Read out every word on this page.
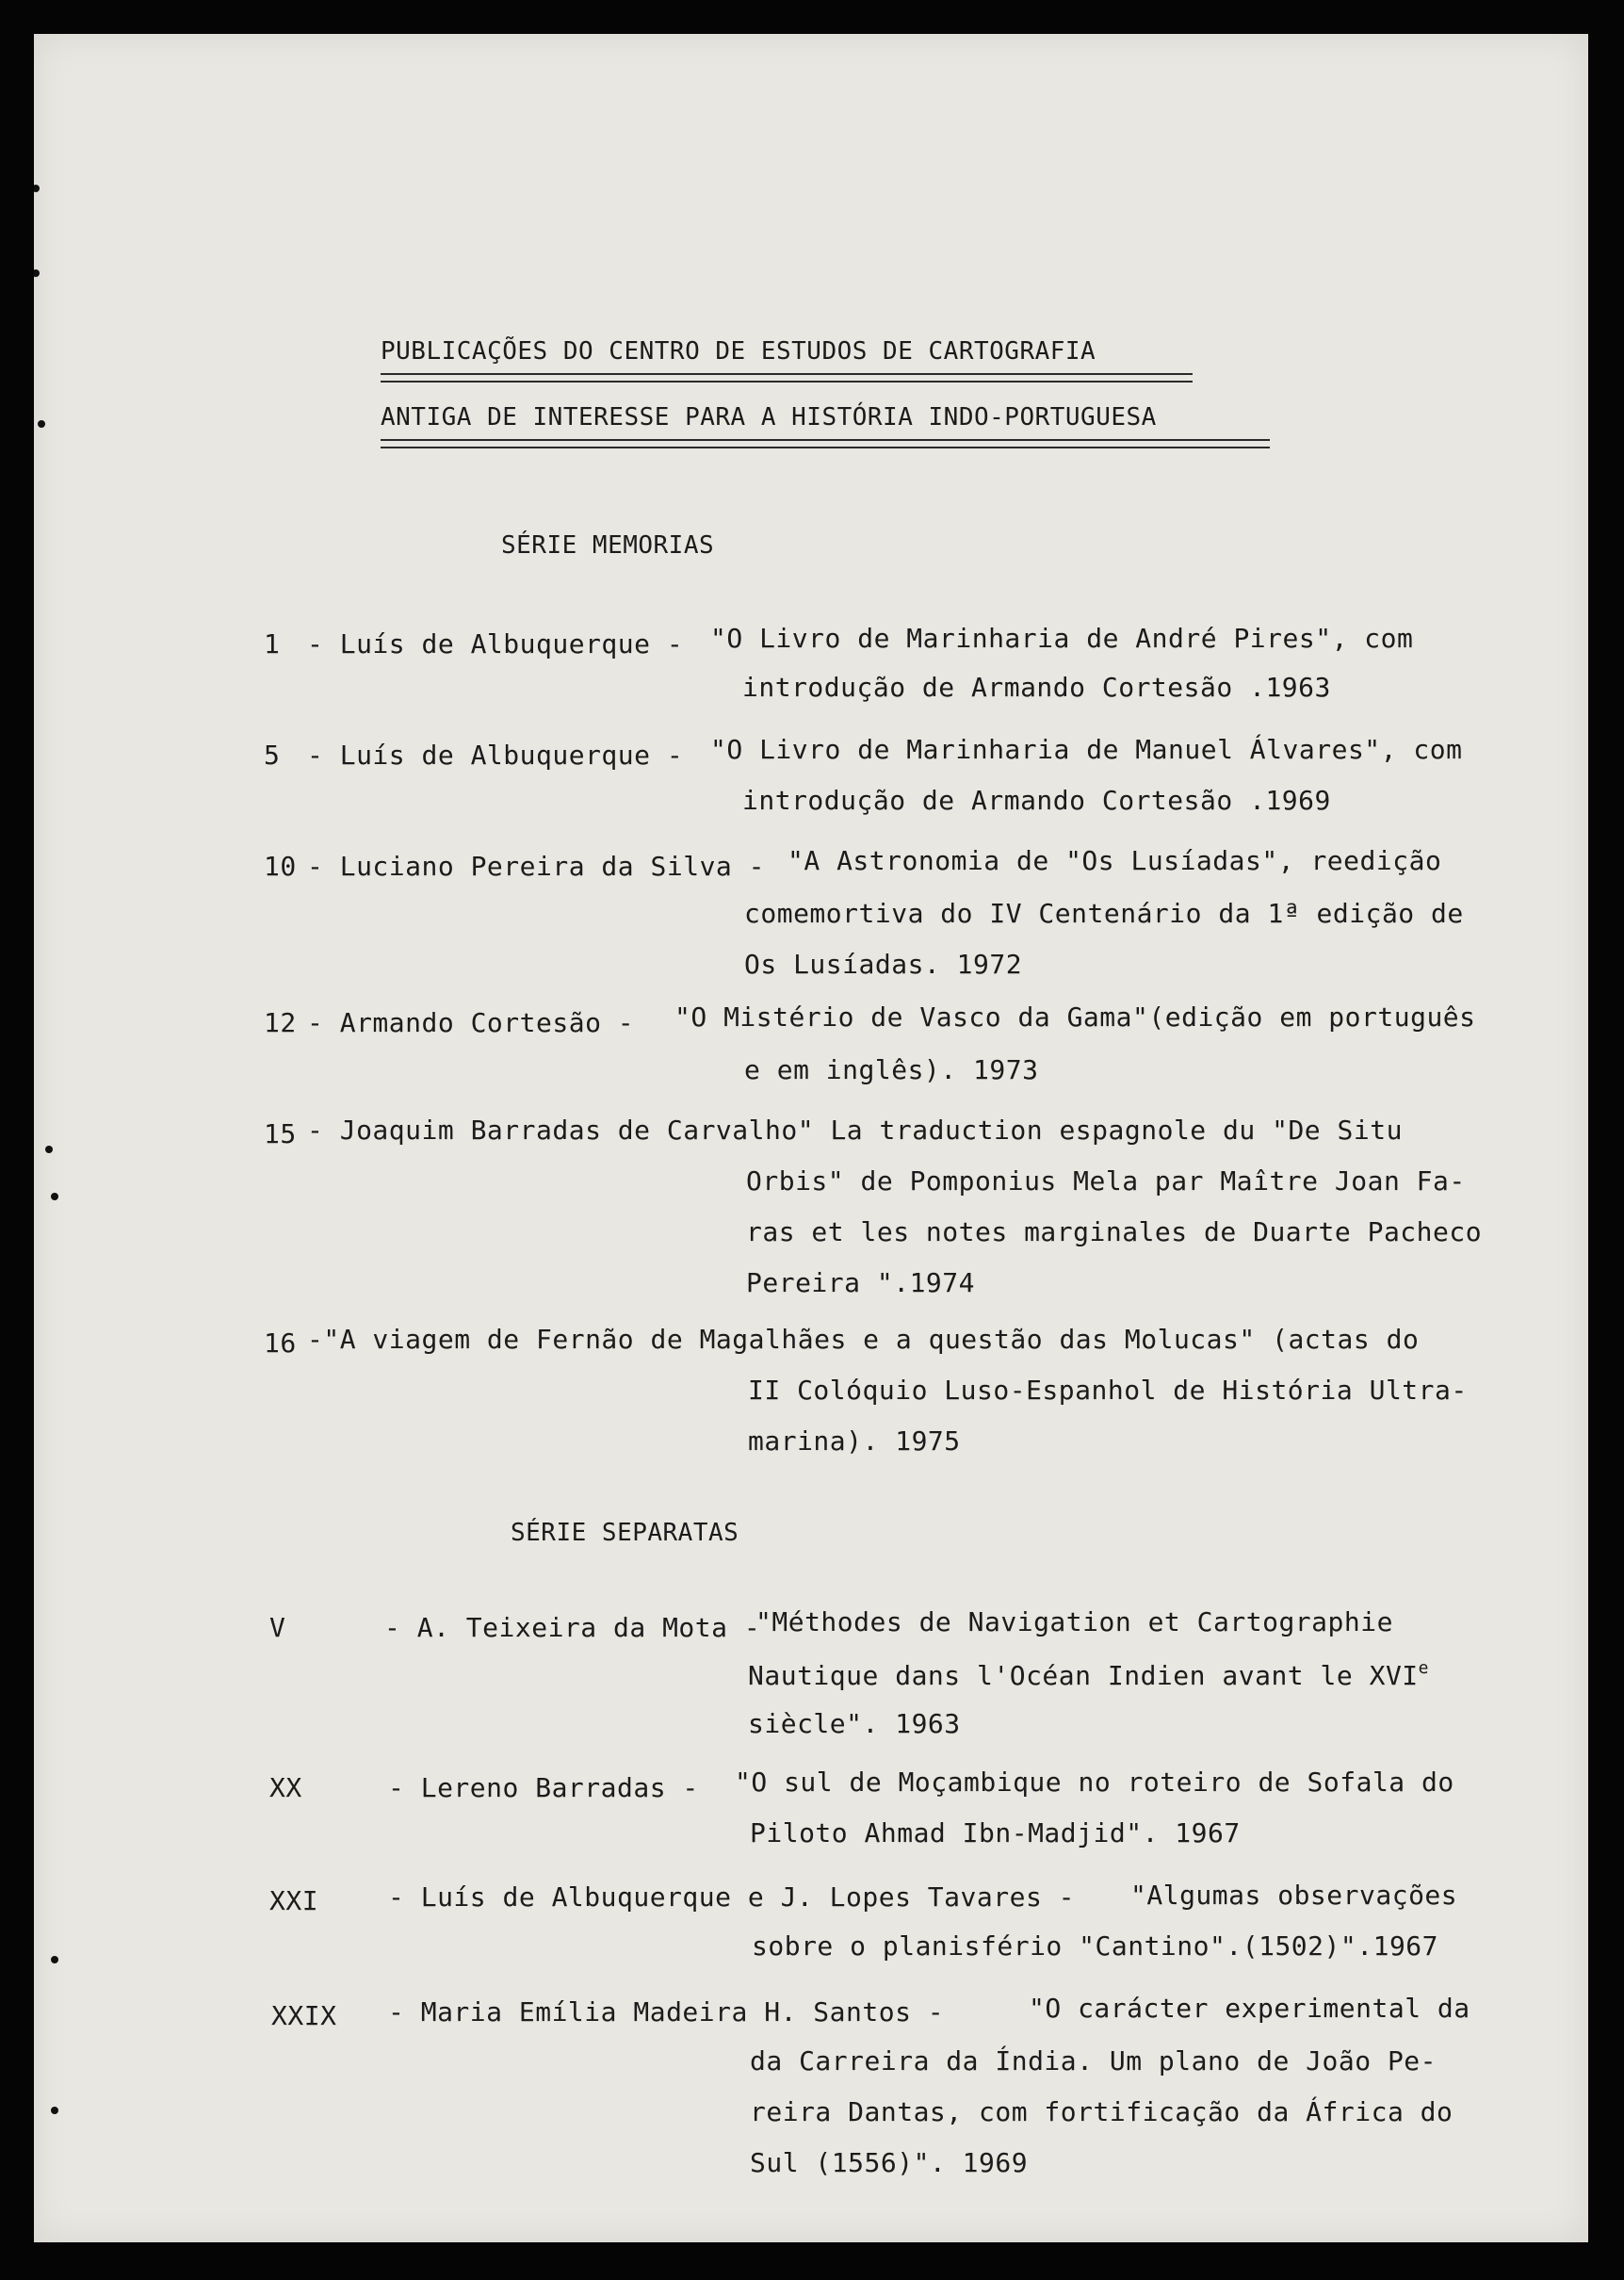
PUBLICAÇÕES DO CENTRO DE ESTUDOS DE CARTOGRAFIA
ANTIGA DE INTERESSE PARA A HISTÓRIA INDO-PORTUGUESA
SÉRIE MEMORIAS
1 - Luís de Albuquerque - "O Livro de Marinharia de André Pires", com
introdução de Armando Cortesão .1963
5 - Luís de Albuquerque - "O Livro de Marinharia de Manuel Álvares", com
introdução de Armando Cortesão .1969
10 - Luciano Pereira da Silva - "A Astronomia de "Os Lusíadas", reedição
comemortiva do IV Centenário da 1ª edição de
Os Lusíadas. 1972
12 - Armando Cortesão - "O Mistério de Vasco da Gama"(edição em português
e em inglês). 1973
15 - Joaquim Barradas de Carvalho" La traduction espagnole du "De Situ
Orbis" de Pomponius Mela par Maître Joan Fa-
ras et les notes marginales de Duarte Pacheco
Pereira ".1974
16 -"A viagem de Fernão de Magalhães e a questão das Molucas" (actas do
II Colóquio Luso-Espanhol de História Ultra-
marina). 1975
SÉRIE SEPARATAS
V	- A. Teixeira da Mota -
"Méthodes de Navigation et Cartographie
Nautique dans l'Océan Indien avant le XVIe
siècle". 1963
XX	- Lereno Barradas - "O sul de Moçambique no roteiro de Sofala do
Piloto Ahmad Ibn-Madjid". 1967
XXI	- Luís de Albuquerque e J. Lopes Tavares - "Algumas observações
sobre o planisfério "Cantino".(1502)".1967
XXIX - Maria Emília Madeira H. Santos -	"O carácter experimental da
da Carreira da Índia. Um plano de João Pe-
reira Dantas, com fortificação da África do
Sul (1556)". 1969
